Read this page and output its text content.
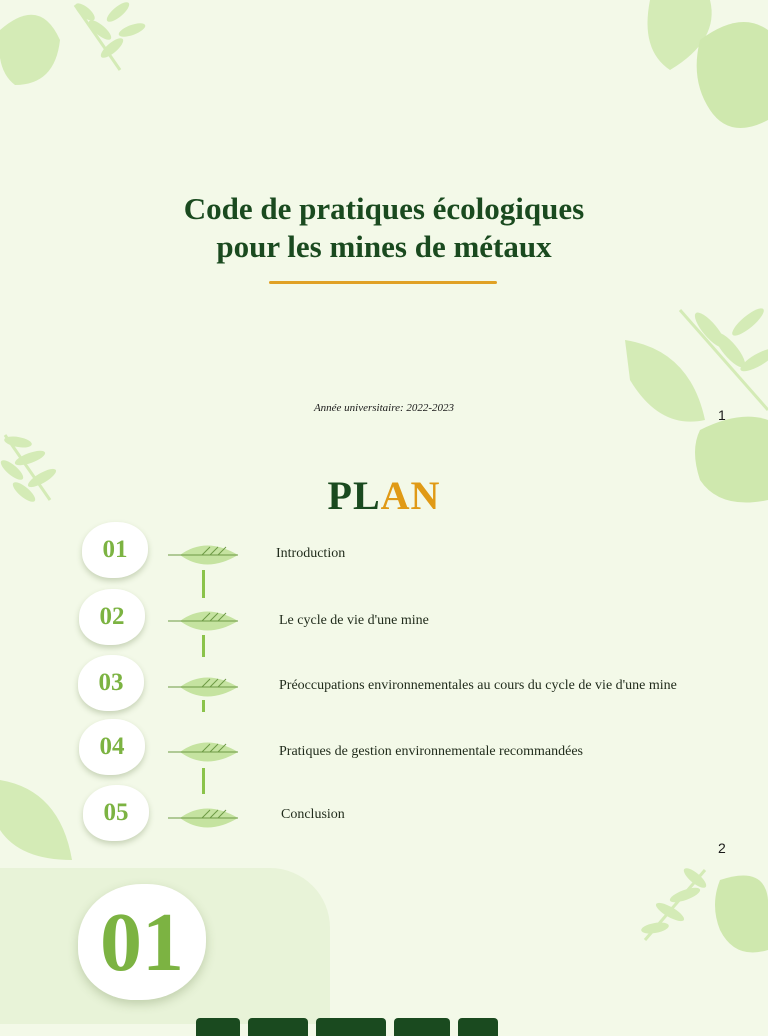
Code de pratiques écologiques
pour les mines de métaux
Année universitaire: 2022-2023	1
PLAN
01	Introduction
02	Le cycle de vie d'une mine
03	Préoccupations environnementales au cours du cycle de vie d'une mine
04	Pratiques de gestion environnementale recommandées
05	Conclusion
2
01
